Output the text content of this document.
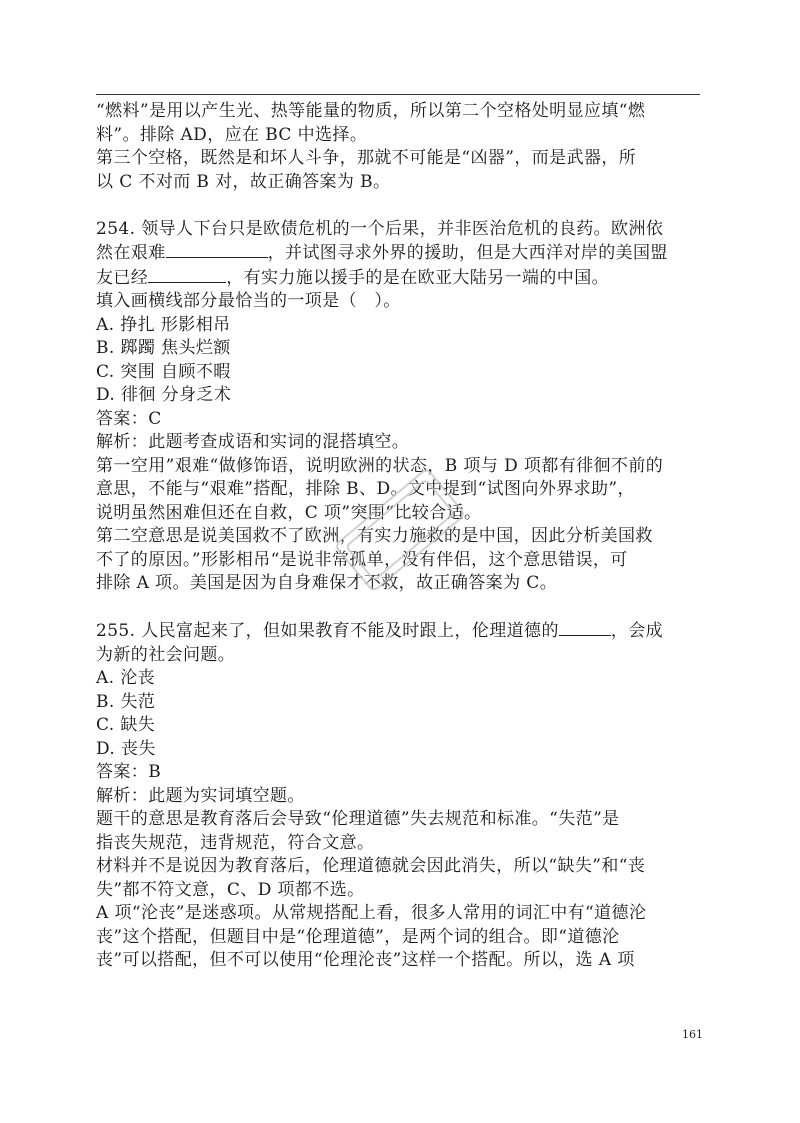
“燃料”是用以产生光、热等能量的物质，所以第二个空格处明显应填“燃

料”。排除 AD，应在 BC 中选择。

第三个空格，既然是和坏人斗争，那就不可能是“凶器”，而是武器，所

以 C 不对而 B 对，故正确答案为 B。

254. 领导人下台只是欧债危机的一个后果，并非医治危机的良药。欧洲依

然在艰难	，并试图寻求外界的援助，但是大西洋对岸的美国盟

友已经	，有实力施以援手的是在欧亚大陆另一端的中国。

填入画横线部分最恰当的一项是（　）。

A. 挣扎 形影相吊

B. 踯躅 焦头烂额

C. 突围 自顾不暇

D. 徘徊 分身乏术

答案：C

解析：此题考查成语和实词的混搭填空。

第一空用”艰难“做修饰语，说明欧洲的状态，B 项与 D 项都有徘徊不前的

意思，不能与“艰难”搭配，排除 B、D。文中提到“试图向外界求助”，

说明虽然困难但还在自救，C 项”突围“比较合适。

第二空意思是说美国救不了欧洲，有实力施救的是中国，因此分析美国救

不了的原因。”形影相吊“是说非常孤单，没有伴侣，这个意思错误，可

排除 A 项。美国是因为自身难保才不救，故正确答案为 C。

255. 人民富起来了，但如果教育不能及时跟上，伦理道德的	，会成

为新的社会问题。

A. 沦丧

B. 失范

C. 缺失

D. 丧失

答案：B

解析：此题为实词填空题。

题干的意思是教育落后会导致“伦理道德”失去规范和标准。“失范”是

指丧失规范，违背规范，符合文意。

材料并不是说因为教育落后，伦理道德就会因此消失，所以“缺失”和“丧

失”都不符文意，C、D 项都不选。

A 项“沦丧”是迷惑项。从常规搭配上看，很多人常用的词汇中有“道德沦

丧”这个搭配，但题目中是“伦理道德”，是两个词的组合。即“道德沦

丧”可以搭配，但不可以使用“伦理沦丧”这样一个搭配。所以，选 A 项

161
